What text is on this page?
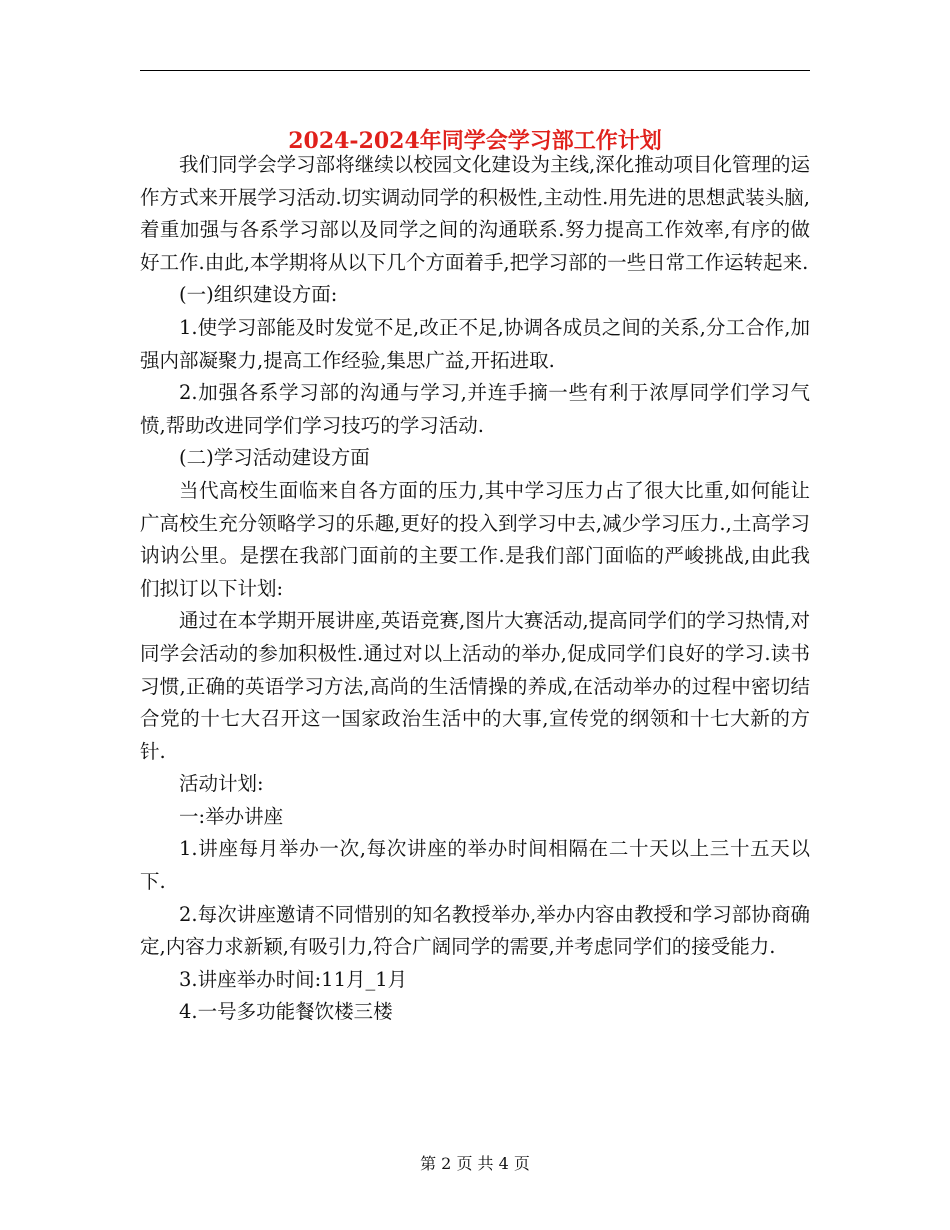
2024-2024年同学会学习部工作计划

我们同学会学习部将继续以校园文化建设为主线,深化推动项目化管理的运作方式来开展学习活动.切实调动同学的积极性,主动性.用先进的思想武装头脑,着重加强与各系学习部以及同学之间的沟通联系.努力提高工作效率,有序的做好工作.由此,本学期将从以下几个方面着手,把学习部的一些日常工作运转起来.

(一)组织建设方面:

1.使学习部能及时发觉不足,改正不足,协调各成员之间的关系,分工合作,加强内部凝聚力,提高工作经验,集思广益,开拓进取.

2.加强各系学习部的沟通与学习,并连手摘一些有利于浓厚同学们学习气愤,帮助改进同学们学习技巧的学习活动.

(二)学习活动建设方面

当代高校生面临来自各方面的压力,其中学习压力占了很大比重,如何能让广高校生充分领略学习的乐趣,更好的投入到学习中去,减少学习压力.,土高学习讷讷公里。是摆在我部门面前的主要工作.是我们部门面临的严峻挑战,由此我们拟订以下计划:

通过在本学期开展讲座,英语竞赛,图片大赛活动,提高同学们的学习热情,对同学会活动的参加积极性.通过对以上活动的举办,促成同学们良好的学习.读书习惯,正确的英语学习方法,高尚的生活情操的养成,在活动举办的过程中密切结合党的十七大召开这一国家政治生活中的大事,宣传党的纲领和十七大新的方针.

活动计划:

一:举办讲座

1.讲座每月举办一次,每次讲座的举办时间相隔在二十天以上三十五天以下.

2.每次讲座邀请不同惜别的知名教授举办,举办内容由教授和学习部协商确定,内容力求新颖,有吸引力,符合广阔同学的需要,并考虑同学们的接受能力.

3.讲座举办时间:11月_1月

4.一号多功能餐饮楼三楼

第 2 页 共 4 页
